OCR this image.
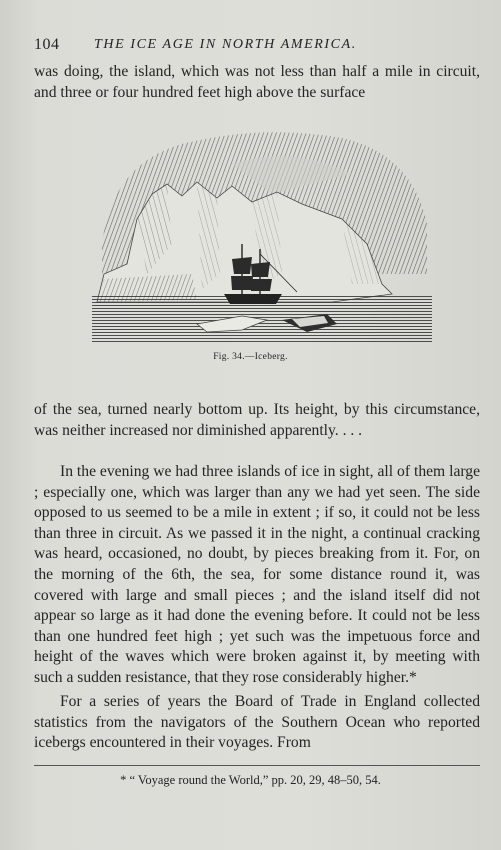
104 THE ICE AGE IN NORTH AMERICA.

was doing, the island, which was not less than half a mile in circuit, and three or four hundred feet high above the surface

Fig. 34.—Iceberg.

of the sea, turned nearly bottom up. Its height, by this circumstance, was neither increased nor diminished apparently. . . .

In the evening we had three islands of ice in sight, all of them large ; especially one, which was larger than any we had yet seen. The side opposed to us seemed to be a mile in extent ; if so, it could not be less than three in circuit. As we passed it in the night, a continual cracking was heard, occasioned, no doubt, by pieces breaking from it. For, on the morning of the 6th, the sea, for some distance round it, was covered with large and small pieces ; and the island itself did not appear so large as it had done the evening before. It could not be less than one hundred feet high ; yet such was the impetuous force and height of the waves which were broken against it, by meeting with such a sudden resistance, that they rose considerably higher.*

For a series of years the Board of Trade in England collected statistics from the navigators of the Southern Ocean who reported icebergs encountered in their voyages. From

* “ Voyage round the World,” pp. 20, 29, 48–50, 54.
